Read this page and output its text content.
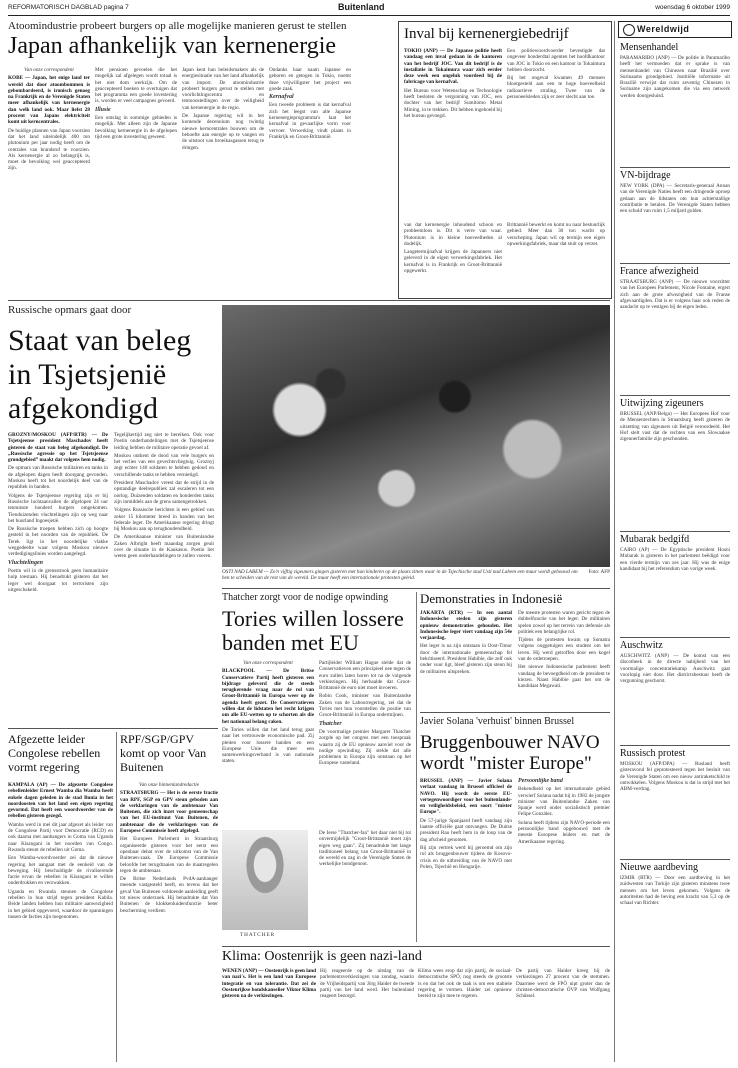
REFORMATORISCH DAGBLAD pagina 7	Buitenland	woensdag 6 oktober 1999
Atoomindustrie probeert burgers op alle mogelijke manieren gerust te stellen
Japan afhankelijk van kernenergie

Van onze correspondent

KOBE — Japan, het enige land ter wereld dat door atoombommen is gebombardeerd, is ironisch genoeg na Frankrijk en de Verenigde Staten meer afhankelijk van kernenergie dan welk land ook. Maar liefst 28 procent van Japans elektriciteit komt uit kerncentrales.

De huidige plannen van Japan voorzien dat het land uiteindelijk 400 ton plutonium per jaar nodig heeft om de centrales van brandstof te voorzien. Als kernenergie al zo belangrijk is, moet de bevolking wel geaccepteerd zijn.

Met pensioen gevoelen die het mogelijk zal afgelegen wordt totaal is het niet dom werkzijn. Om de geaccepteerd boeken te overtuigen dat het programma een goede investering is, worden er veel campagnes gevoerd.

Illusie

Een omslag in sommige gebieden is mogelijk. Met alleen zijn de Japanse bevolking kernenergie in de afgelopen tijd een grote investering geweest.

Japan kent hun beleidsmakers als de energiesituatie van het land afhankelijk van import. De atoomindustrie probeert burgers gerust te stellen met voorlichtingscentra en tentoonstellingen over de veiligheid van kernenergie in de regio.

De Japanse regering wil in het komende decennium nog twintig nieuwe kerncentrales bouwen om de behoefte aan energie op te vangen en de uitstoot van broeikasgassen terug te dringen.

Ondanks haar naam Japanse en geboren en getogen in Tokio, noemt deze vrijwilligster het project een goede zaak.

Kernafval

Een tweede probleem is dat kernafval zich het leegst van alle Japanse kernenergieprogramma's laat het kernafval in gevaarlijke vorm voor vervoer. Verwerking vindt plaats in Frankrijk en Groot-Brittannië.

Inval bij kernenergiebedrijf

TOKIO (ANP) — De Japanse politie heeft vandaag een inval gedaan in de kantoren van het bedrijf JOC. Van dit bedrijf is de installatie in Tokaimura waar zich eerder deze week een ongeluk voordeed bij de fabricage van kernafval.

Het Bureau voor Wetenschap en Technologie heeft besloten de vergunning van JOC, een dochter van het bedrijf Sumitomo Metal Mining, in te trekken. Dit hebben ingehoeld bij het bureau gevoegd.

Een politiewoordvoerder bevestigde dat ongeveer honderdtal agenten het hoofdkantoor van JOC in Tokio en een kantoor in Tokaimura hebben doorzocht.

Bij het ongeval kwamen 49 mensen blootgesteld aan een te hoge hoeveelheid radioactieve straling. Twee van de personeelsleden zijn er zeer slecht aan toe.

van dat kernenergie inhoudend schoon en probleemloos is. Dit is verre van waar. Plutonium is in kleine hoeveelheden al dodelijk.

Langetermijnafval krijgen de Japanners niet geleverd in de eigen verwerkingsfabriek. Het kernafval is in Frankrijk en Groot-Brittannië opgewerkt.

Brittannië bewerkt en komt nu naar bestuurlijk gebied. Meer dan 30 ton wacht op verscheping. Japan wil op termijn een eigen opwerkingsfabriek, maar dat stuit op verzet.

Russische opmars gaat door
Staat van beleg in Tsjetsjenië afgekondigd

GROZNY/MOSKOU (AFP/RTR) — De Tsjetsjeense president Maschadov heeft gisteren de staat van beleg afgekondigd. De „Russische agressie op het Tsjetsjeense grondgebied” maakt dat volgens hem nodig.

De opmars van Russische militairen en tanks in de afgelopen dagen heeft doorgang gevonden. Moskou heeft tot het noordelijk deel van de republiek in handen.

Volgens de Tsjetsjeense regering zijn er bij Russische luchtaanvallen de afgelopen 24 uur tenminste honderd burgers omgekomen. Tienduizenden vluchtelingen zijn op weg naar het buurland Ingoesjetië.

De Russische troepen hebben zich op hoogte gesteld in het noorden van de republiek. De Terek ligt in het noordelijke vlakke weggedeelte waar volgens Moskou nieuwe verdedigingslinies worden aangelegd.

Vluchtelingen

Poetin wil in de grensstrook geen humanitaire hulp toestaan. Hij benadrukt gisteren dat het leger wel doorgaat tot terroristen zijn uitgeschakeld.

Tegelijkertijd zeg niet te bereiken. Ook voor Poetin onderhandelingen met de Tsjetsjeense leiding hebben de militaire operatie gevoel af.

Moskou ontkent de dood van vele burgers en het verlies van een gevechtsvliegtuig. Groznyj zegt echter 140 soldaten te hebben gedood en verschillende tanks te hebben vernietigd.

President Maschadov vreest dat de strijd in de opstandige deelrepubliek zal escaleren tot een oorlog. Duizenden soldaten en honderden tanks zijn inmiddels aan de grens samengetrokken.

Volgens Russische berichten is een gebied van zeker 15 kilometer breed in handen van het federale leger. De Amerikaanse regering dringt bij Moskou aan op terughoudendheid.

De Amerikaanse minister van Buitenlandse Zaken Albright heeft maandag zorgen geuit over de situatie in de Kaukasus. Poetin liet weten geen onderhandelingen te zullen voeren.

OSTI NAD LABEM — Zo'n vijftig zigeuners gingen gisteren met hun kinderen op de plaats zitten waar in de Tsjechische stad Usti nad Labem een muur wordt gebouwd om hen te scheiden van de rest van de wereld. De muur heeft een internationale protesten geleid.
Foto: AFP
Afgezette leider Congolese rebellen vormt regering

KAMPALA (AP) — De afgezette Congolese rebellenleider Ernest Wamba dia Wamba heeft enkele dagen geleden in de stad Bunia in het noordoosten van het land een eigen regering gevormd. Dat heeft een woordvoerder van de rebellen gisteren gezegd.

Wamba werd in mei dit jaar afgezet als leider van de Congolese Partij voor Democratie (RCD) en ook daarna met aanhangers in Goma van Uganda naar Kisangani in het noorden van Congo. Rwanda steunt de rebellen uit Goma.

Een Wamba-woordvoerder zei dat de nieuwe regering het aangaat met de eenheid van de beweging. Hij beschuldigde de rivaliserende factie ervan de rebellen in Kisangani te willen onderdrukken en verzwakken.

Uganda en Rwanda steunen de Congolese rebellen in hun strijd tegen president Kabila. Beide landen hebben hun militaire aanwezigheid in het gebied opgevoerd, waardoor de spanningen tussen de facties zijn toegenomen.

RPF/SGP/GPV komt op voor Van Buitenen

Van onze binnenlandredactie

STRAATSBURG — Het is de eerste fractie van RPF, SGP en GPV steun geboden aan de verklaringen van de ambtenaar Van Buitenen, die zich inzet voor gemeenschap van het EU-instituut Van Buitenen, de ambtenaar die de verklaringen van de Europese Commissie heeft afgelegd.

Het Europees Parlement in Straatsburg organiseerde gisteren voor het eerst een openbaar debat over de uitkomst van de Van Buitenen-zaak. De Europese Commissie beloofde het terugdraaien van de maatregelen tegen de ambtenaar.

De Britse Nederlands PvdA-aanhanger meende vastgesteld heeft, en tevens dat het geval Van Buitenen voldoende aanleiding geeft tot nieuw onderzoek. Hij benadrukte dat Van Buitenen de klokkenluidersfunctie beter bescherming verdient.

Thatcher zorgt voor de nodige opwinding
Tories willen lossere banden met EU

Van onze correspondent

BLACKPOOL — De Britse Conservatieve Partij heeft gisteren een bijdrage geleverd die de steeds terugkerende vraag naar de rol van Groot-Brittannië in Europa weer op de agenda heeft gezet. De Conservatieven willen dat de lidstaten het recht krijgen om alle EU-wetten op te schorten als die het nationaal belang raken.

De Tories willen dat het land terug gaat naar het vertrouwde economische pad. Zij pleiten voor lossere banden en een Europese Unie die meer een samenwerkingsverband is van nationale staten.

Partijleider William Hague stelde dat de Conservatieven een principieel nee tegen de euro zullen laten horen tot na de volgende verkiezingen. Hij herhaalde dat Groot-Brittannië de euro niet moet invoeren.

Robin Cook, minister van Buitenlandse Zaken van de Labourregering, zei dat de Tories met hun voorstellen de positie van Groot-Brittannië in Europa ondermijnen.

Thatcher

De voormalige premier Margaret Thatcher zorgde op het congres met een toespraak waarin zij de EU opnieuw aanviel voor de nodige opwinding. Zij stelde dat alle problemen in Europa zijn ontstaan op het Europese vasteland.

THATCHER

De Ierse "Thatcher-fan" het daar niet bij tot onvermijdelijk "Groot-Brittannië moet zijn eigen weg gaan". Zij benadrukte het lange traditioneel belang van Groot-Brittannië in de wereld en zag in de Verenigde Staten de werkelijke bondgenoot.

Demonstraties in Indonesië

JAKARTA (RTR) — In een aantal Indonesische steden zijn gisteren opnieuw demonstraties gehouden. Het Indonesische leger viert vandaag zijn 54e verjaardag.

Het leger is na zijn ontstaan in Oost-Timor door de internationale gemeenschap fel bekritiseerd. President Habibie, die zelf ook onder vuur ligt, bleef gisteren zijn steun bij de militairen uitspreken.

De meeste protesten waren gericht tegen de dubbelfunctie van het leger. De militairen spelen zowel op het terrein van defensie als politiek een belangrijke rol.

Tijdens de protesten kwam op Sumatra volgens ooggetuigen een student om het leven. Hij werd getroffen door een kogel van de ordetroepen.

Het nieuwe Indonesische parlement heeft vandaag de bevoegdheid om de president te kiezen. Naast Habibie gaat het om de kandidaat Megawati.

Javier Solana 'verhuist' binnen Brussel
Bruggenbouwer NAVO wordt "mister Europe"

BRUSSEL (ANP) — Javier Solana verlaat vandaag in Brussel officieel de NAVO. Hij wordt de eerste EU-vertegenwoordiger voor het buitenlands- en veiligheidsbeleid, een soort "mister Europe".

De 57-jarige Spanjaard heeft vandaag zijn laatste officiële gaat ontvangen. De Duitse president Rau heeft hem in de loop van de dag afscheid genomen.

Bij zijn vertrek werd hij geroemd om zijn rol als bruggenbouwer tijdens de Kosovo-crisis en de uitbreiding van de NAVO met Polen, Tsjechië en Hongarije.

Persoonlijke band

Bekendheid op het internationale gebied verwierf Solana nadat hij in 1982 de jongste minister van Buitenlandse Zaken van Spanje werd onder socialistisch premier Felipe González.

Solana heeft tijdens zijn NAVO-periode een persoonlijke band opgebouwd met de meeste Europese leiders en met de Amerikaanse regering.

Klima: Oostenrijk is geen nazi-land

WENEN (ANP) — Oostenrijk is geen land van nazi's. Het is een land van Europese integratie en van tolerantie. Dat zei de Oostenrijkse bondskanselier Viktor Klima gisteren na de verkiezingen.

Hij reageerde op de uitslag van de parlementsverkiezingen van zondag, waarin de Vrijheidspartij van Jörg Haider de tweede partij van het land werd. Het buitenland reageert bezorgd.

Klima wees erop dat zijn partij, de sociaal-democratische SPÖ, nog steeds de grootste is en dat het ook de taak is om een stabiele regering te vormen. Haider zei opnieuw bereid te zijn mee te regeren.

De partij van Haider kreeg bij de verkiezingen 27 procent van de stemmen. Daarmee werd de FPÖ nipt groter dan de christen-democratische ÖVP van Wolfgang Schüssel.

Wereldwijd
Mensenhandel
PARAMARIBO (ANP) — De politie in Paramaribo heeft het vermoeden dat er sprake is van mensenhandel van Chinezen naar Brazilië over Surinaams grondgebied. Justitiële informatie uit Brazilië verwijst dat ruim zeventig Chinezen in Suriname zijn aangekomen die via een netwerk werden doorgesluisd.
VN-bijdrage
NEW YORK (DPA) — Secretaris-generaal Annan van de Verenigde Naties heeft een dringende oproep gedaan aan de lidstaten om hun achterstallige contributie te betalen. De Verenigde Staten hebben een schuld van ruim 1,5 miljard gulden.
France afwezigheid
STRAATSBURG (ANP) — De nieuwe voorzitter van het Europees Parlement, Nicole Fontaine, ergert zich aan de grote afwezigheid van de Franse afgevaardigden. Dat is er volgens haar ook reden de aandacht op te vestigen bij de eigen leden.
Uitwijzing zigeuners
BRUSSEL (ANP/Belga) — Het Europees Hof voor de Mensenrechten in Straatsburg heeft gisteren de uitzetting van zigeuners uit België veroordeeld. Het Hof stelt vast dat de rechten van een Slowaakse zigeunerfamilie zijn geschonden.
Mubarak bedgifd
CAIRO (AP) — De Egyptische president Hosni Mubarak is gisteren in het parlement beëdigd voor een vierde termijn van zes jaar. Hij was de enige kandidaat bij het referendum van vorige week.
Auschwitz
AUSCHWITZ (ANP) — De komst van een discotheek in de directe nabijheid van het voormalige concentratiekamp Auschwitz gaat voorlopig niet door. Het districtsbestuur heeft de vergunning geschorst.
Russisch protest
MOSKOU (AFP/DPA) — Rusland heeft gisteravond fel geprotesteerd tegen het besluit van de Verenigde Staten om een nieuw antiraketschild te ontwikkelen. Volgens Moskou is dat in strijd met het ABM-verdrag.
Nieuwe aardbeving
IZMIR (RTR) — Door een aardbeving in het zuidwesten van Turkije zijn gisteren minstens twee mensen om het leven gekomen. Volgens de autoriteiten had de beving een kracht van 5,3 op de schaal van Richter.
